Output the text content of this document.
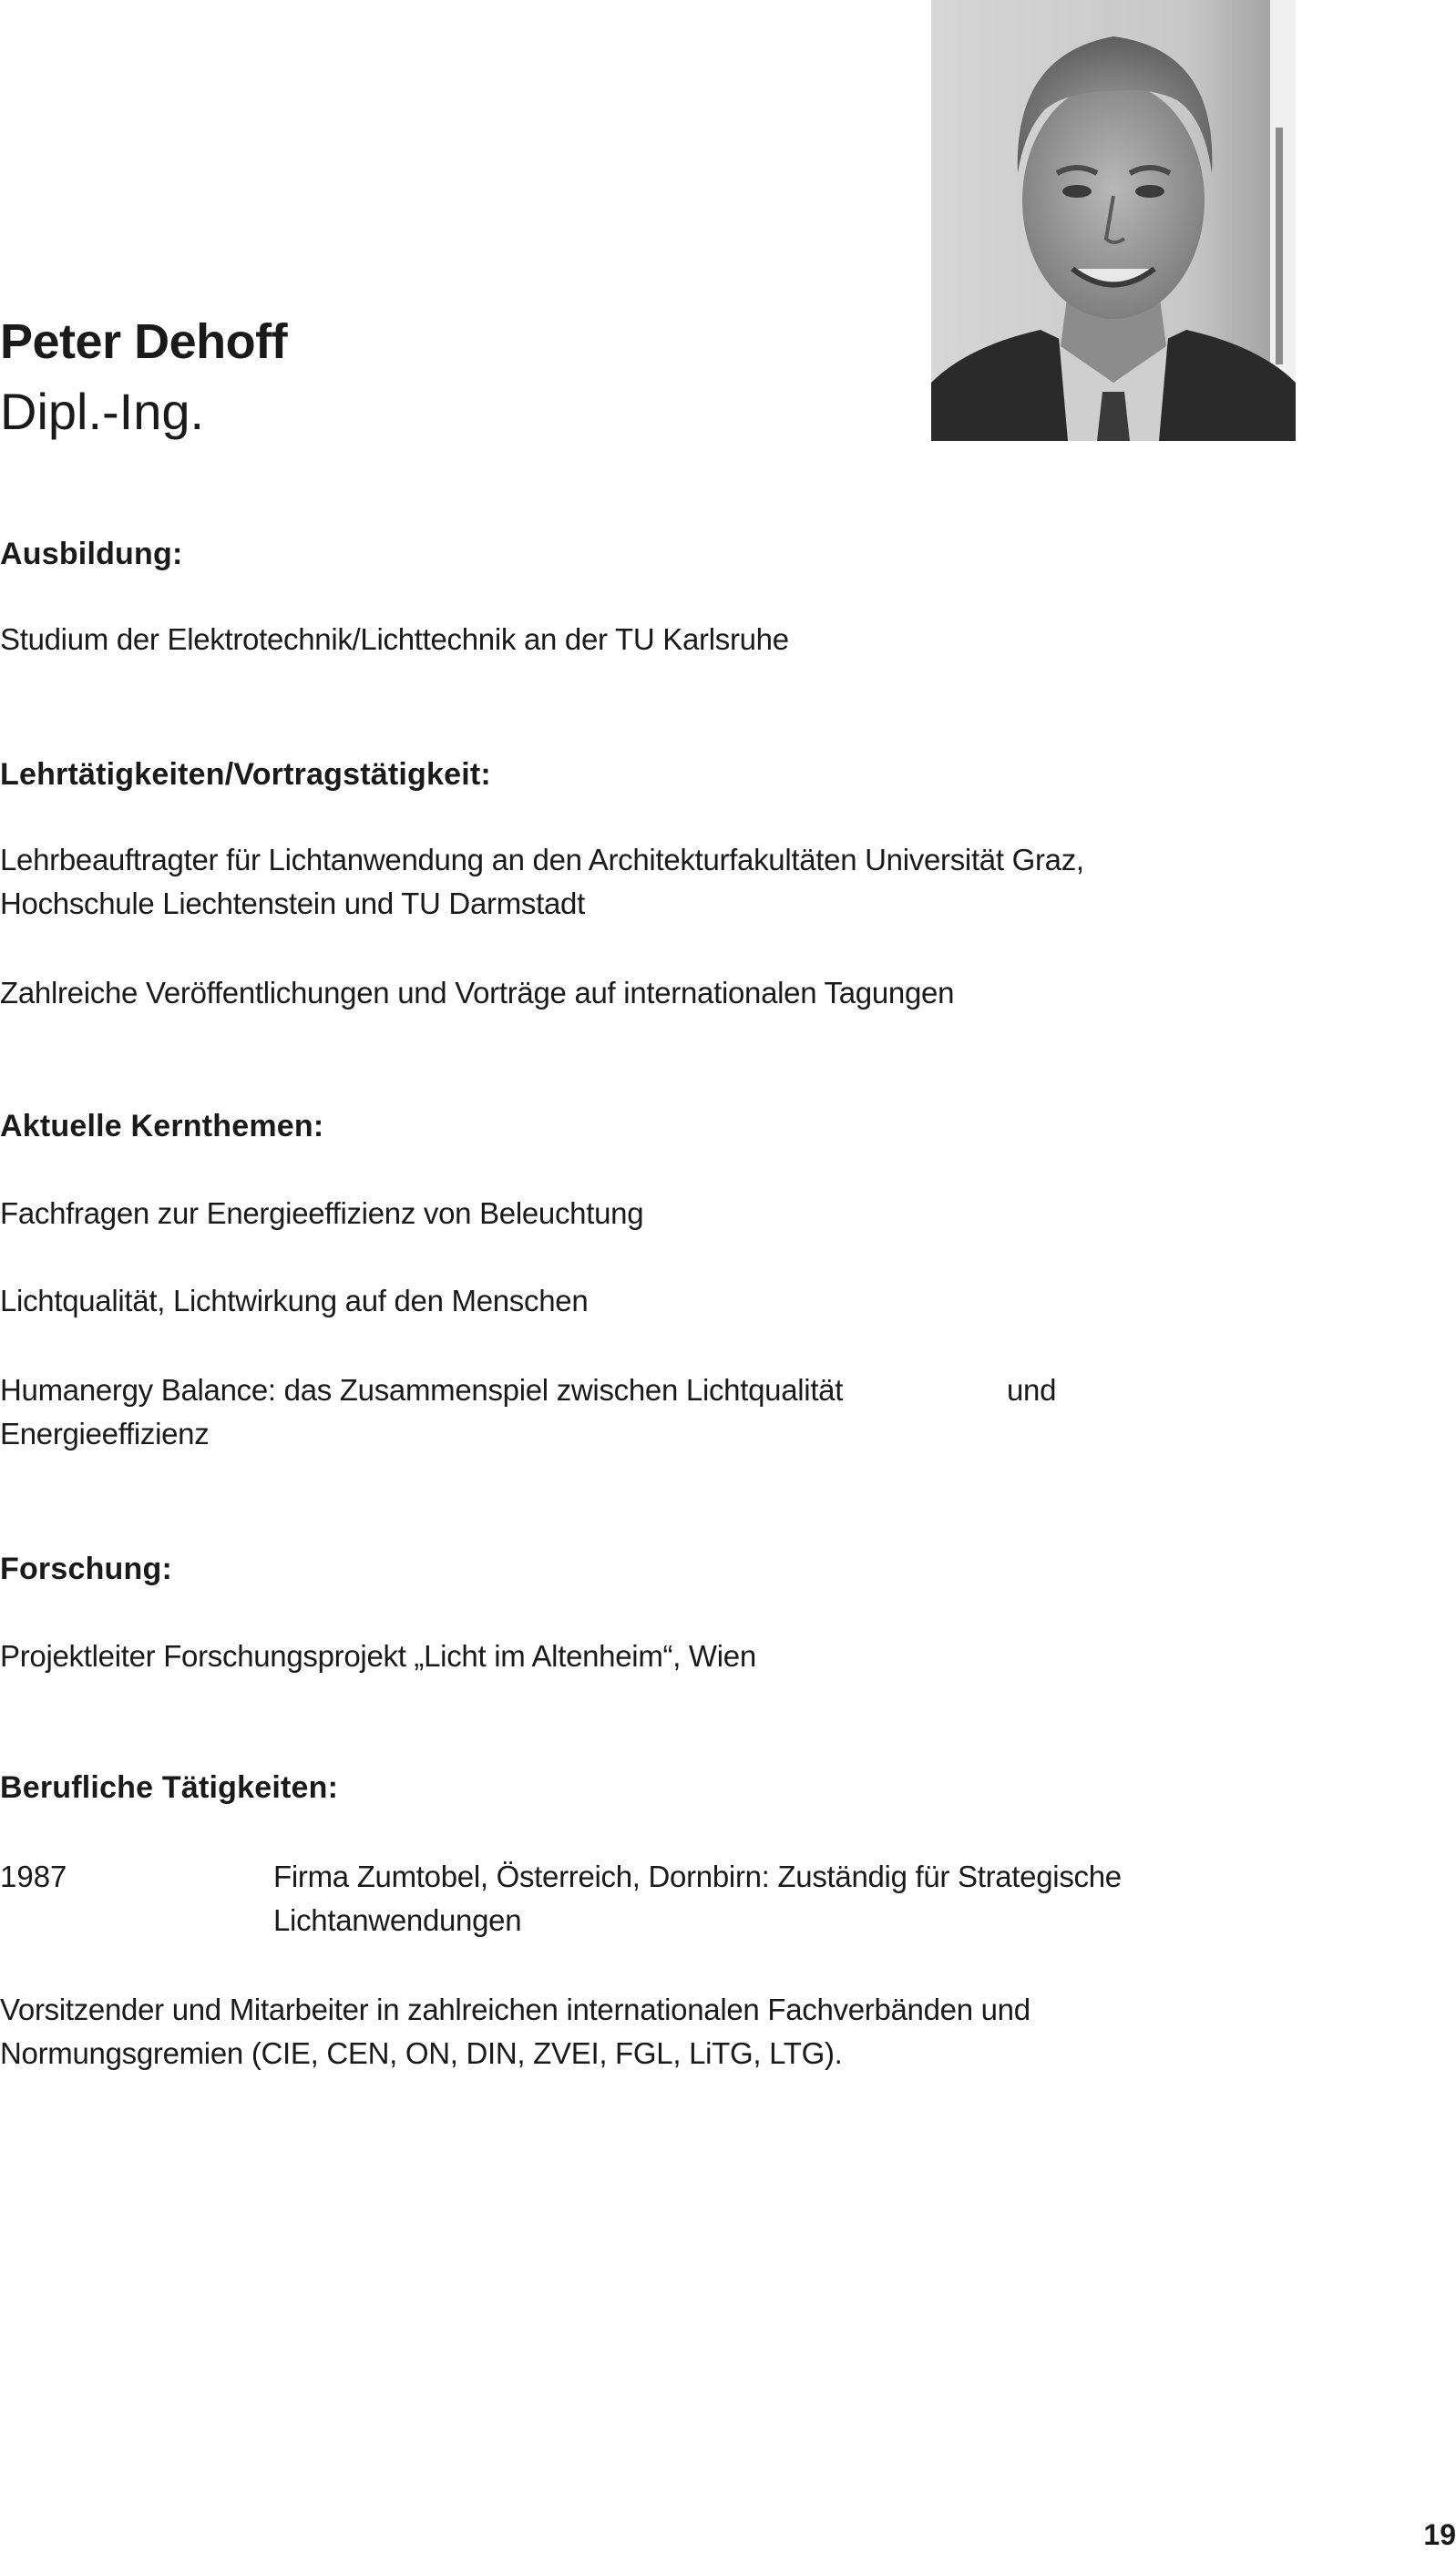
Peter Dehoff
Dipl.-Ing.
Ausbildung:

Studium der Elektrotechnik/Lichttechnik an der TU Karlsruhe

Lehrtätigkeiten/Vortragstätigkeit:

Lehrbeauftragter für Lichtanwendung an den Architekturfakultäten Universität Graz, Hochschule Liechtenstein und TU Darmstadt

Zahlreiche Veröffentlichungen und Vorträge auf internationalen Tagungen

Aktuelle Kernthemen:

Fachfragen zur Energieeffizienz von Beleuchtung

Lichtqualität, Lichtwirkung auf den Menschen

Humanergy Balance: das Zusammenspiel zwischen Lichtqualität	und

Energieeffizienz
Forschung:

Projektleiter Forschungsprojekt „Licht im Altenheim“, Wien

Berufliche Tätigkeiten:
1987	Firma Zumtobel, Österreich, Dornbirn: Zuständig für Strategische Lichtanwendungen

Vorsitzender und Mitarbeiter in zahlreichen internationalen Fachverbänden und Normungsgremien (CIE, CEN, ON, DIN, ZVEI, FGL, LiTG, LTG).

19
